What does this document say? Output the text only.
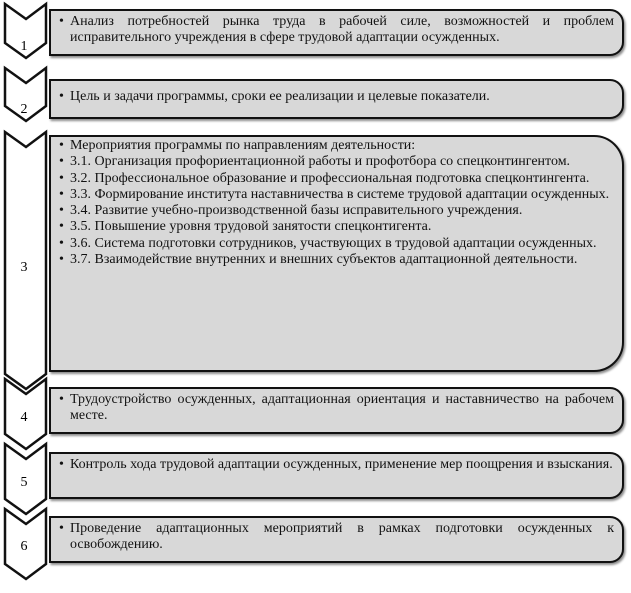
1
• Анализ потребностей рынка труда в рабочей силе, возможностей и проблем исправительного учреждения в сфере трудовой адаптации осужденных.
2
• Цель и задачи программы, сроки ее реализации и целевые показатели.
3
• Мероприятия программы по направлениям деятельности:
• 3.1. Организация профориентационной работы и профотбора со спецконтингентом.
• 3.2. Профессиональное образование и профессиональная подготовка спецконтингента.
• 3.3. Формирование института наставничества в системе трудовой адаптации осужденных.
• 3.4. Развитие учебно-производственной базы исправительного учреждения.
• 3.5. Повышение уровня трудовой занятости спецконтигента.
• 3.6. Система подготовки сотрудников, участвующих в трудовой адаптации осужденных.
• 3.7. Взаимодействие внутренних и внешних субъектов адаптационной деятельности.
4
• Трудоустройство осужденных, адаптационная ориентация и наставничество на рабочем месте.
5
• Контроль хода трудовой адаптации осужденных, применение мер поощрения и взыскания.
6
• Проведение адаптационных мероприятий в рамках подготовки осужденных к освобождению.
